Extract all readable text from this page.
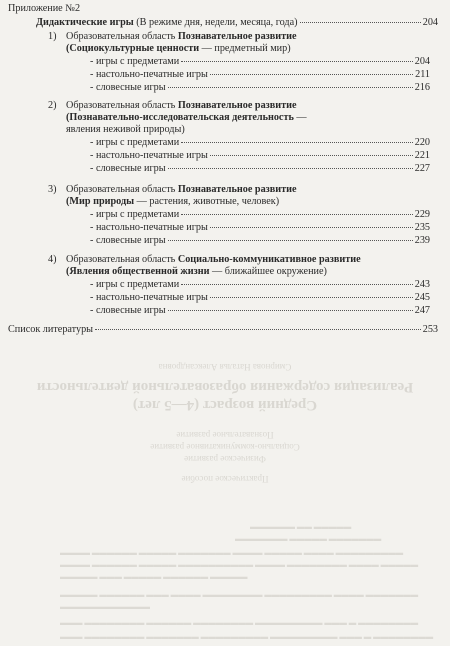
Смирнова Наталья Александровна
Реализация содержания образовательной деятельности
Средний возраст (4—5 лет)
Познавательное развитие
Социально-коммуникативное развитие
Физическое развитие
Практическое пособие
▬▬▬▬▬ ▬▬ ▬▬▬▬▬▬
▬▬▬▬▬▬▬ ▬▬▬▬▬ ▬▬▬▬▬▬▬
▬▬▬▬▬▬▬▬▬ ▬▬▬▬ ▬▬▬▬▬ ▬▬▬▬ ▬▬▬▬▬▬▬ ▬▬▬▬▬ ▬▬▬▬▬▬ ▬▬▬▬
▬▬▬▬▬ ▬▬▬▬ ▬▬▬▬▬▬▬▬ ▬▬▬▬ ▬▬▬▬▬▬▬▬▬▬ ▬▬▬▬▬ ▬▬▬▬▬▬ ▬▬▬▬
▬▬▬▬▬ ▬▬▬▬▬▬ ▬▬▬▬▬ ▬▬▬ ▬▬▬▬▬
▬▬▬▬▬▬▬ ▬▬▬▬ ▬▬▬▬▬▬▬▬▬ ▬▬▬▬▬▬▬▬ ▬▬▬▬ ▬▬▬ ▬▬▬▬▬▬ ▬▬▬▬▬
▬▬▬▬▬▬▬▬▬▬▬▬
▬▬▬▬▬▬▬▬ ▬ ▬▬▬ ▬▬▬▬▬▬▬▬▬ ▬▬▬▬▬▬▬▬ ▬▬▬▬▬▬ ▬▬▬▬▬▬▬▬ ▬▬▬
▬▬▬▬▬▬▬▬ ▬ ▬▬▬ ▬▬▬▬▬▬▬▬▬ ▬▬▬▬▬▬▬▬▬ ▬▬▬▬▬▬▬ ▬▬▬▬▬▬▬▬ ▬▬▬
Приложение №2
Дидактические игры (В режиме дня, недели, месяца, года)	204
1) Образовательная область Познавательное развитие
(Социокультурные ценности — предметный мир)
- игры с предметами	204
- настольно-печатные игры	211
- словесные игры	216
2) Образовательная область Познавательное развитие
(Познавательно-исследовательская деятельность —
явления неживой природы)
- игры с предметами	220
- настольно-печатные игры	221
- словесные игры	227
3) Образовательная область Познавательное развитие
(Мир природы — растения, животные, человек)
- игры с предметами	229
- настольно-печатные игры	235
- словесные игры	239
4) Образовательная область Социально-коммуникативное развитие
(Явления общественной жизни — ближайшее окружение)
- игры с предметами	243
- настольно-печатные игры	245
- словесные игры	247
Список литературы	253
